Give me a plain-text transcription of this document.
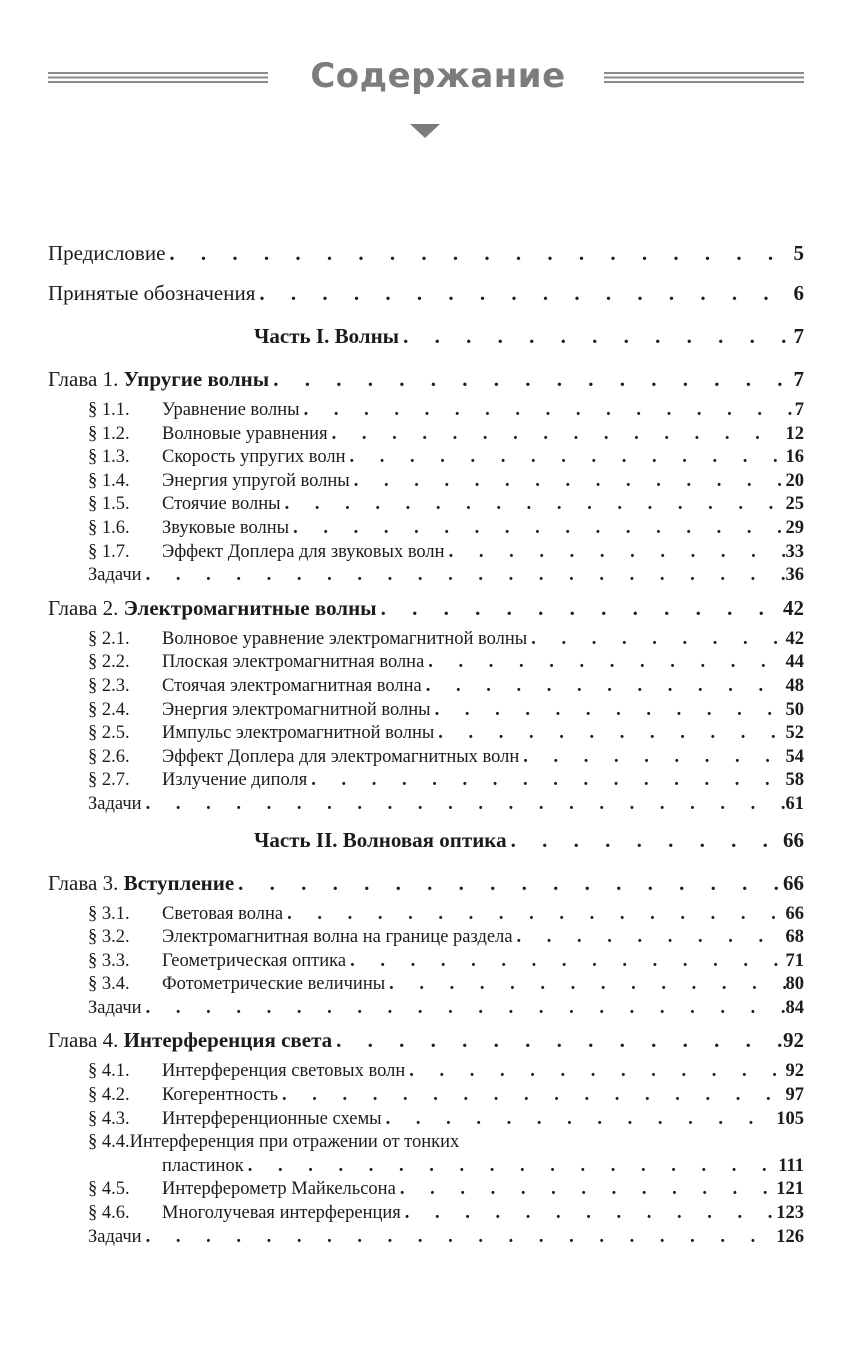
Содержание
Предисловие . . .	5
Принятые обозначения . . .	6
Часть I. Волны . . .	7
Глава 1. Упругие волны . . .	7
§ 1.1. Уравнение волны . . .	7
§ 1.2. Волновые уравнения . . .	12
§ 1.3. Скорость упругих волн . . .	16
§ 1.4. Энергия упругой волны . . .	20
§ 1.5. Стоячие волны . . .	25
§ 1.6. Звуковые волны . . .	29
§ 1.7. Эффект Доплера для звуковых волн . . .	33
Задачи . . .	36
Глава 2. Электромагнитные волны . . .	42
§ 2.1. Волновое уравнение электромагнитной волны . . .	42
§ 2.2. Плоская электромагнитная волна . . .	44
§ 2.3. Стоячая электромагнитная волна . . .	48
§ 2.4. Энергия электромагнитной волны . . .	50
§ 2.5. Импульс электромагнитной волны . . .	52
§ 2.6. Эффект Доплера для электромагнитных волн . . .	54
§ 2.7. Излучение диполя . . .	58
Задачи . . .	61
Часть II. Волновая оптика . . .	66
Глава 3. Вступление . . .	66
§ 3.1. Световая волна . . .	66
§ 3.2. Электромагнитная волна на границе раздела . . .	68
§ 3.3. Геометрическая оптика . . .	71
§ 3.4. Фотометрические величины . . .	80
Задачи . . .	84
Глава 4. Интерференция света . . .	92
§ 4.1. Интерференция световых волн . . .	92
§ 4.2. Когерентность . . .	97
§ 4.3. Интерференционные схемы . . .	105
§ 4.4.Интерференция при отражении от тонких
пластинок . . .	111
§ 4.5. Интерферометр Майкельсона . . .	121
§ 4.6. Многолучевая интерференция . . .	123
Задачи . . .	126
